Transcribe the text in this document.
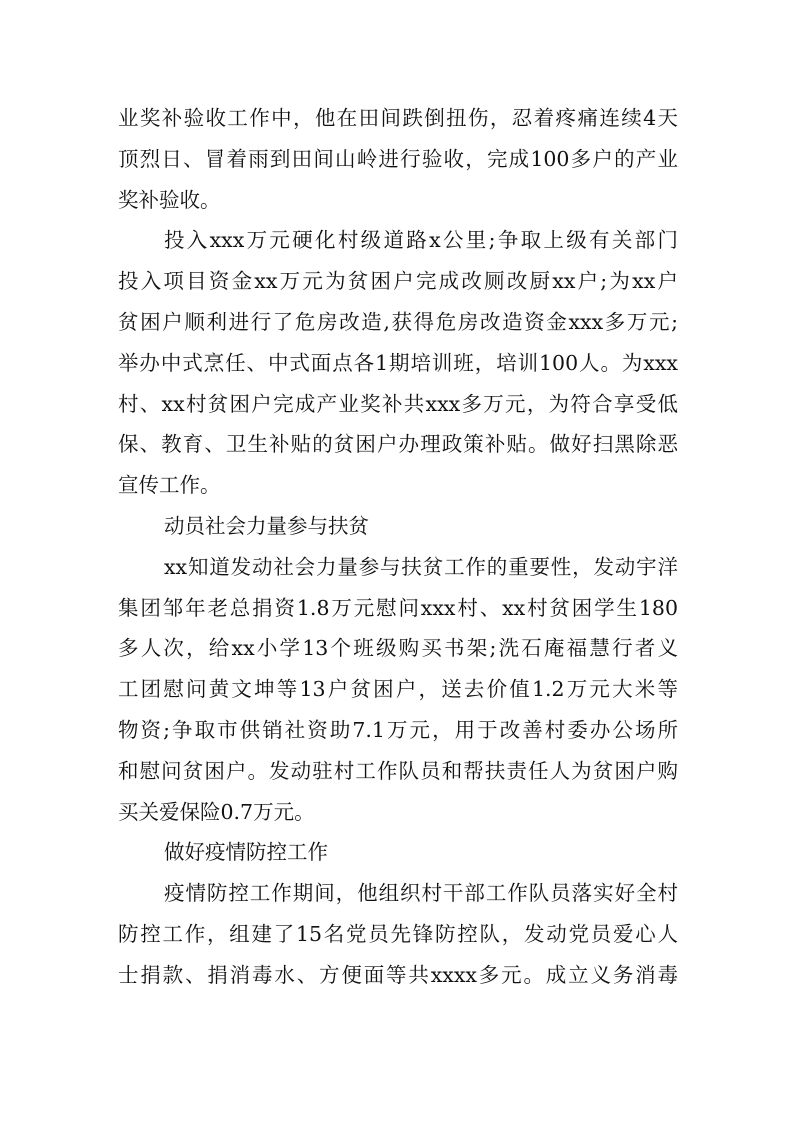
业奖补验收工作中，他在田间跌倒扭伤，忍着疼痛连续4天
顶烈日、冒着雨到田间山岭进行验收，完成100多户的产业
奖补验收。
投入xxx万元硬化村级道路x公里;争取上级有关部门
投入项目资金xx万元为贫困户完成改厕改厨xx户;为xx户
贫困户顺利进行了危房改造,获得危房改造资金xxx多万元;
举办中式烹任、中式面点各1期培训班，培训100人。为xxx
村、xx村贫困户完成产业奖补共xxx多万元，为符合享受低
保、教育、卫生补贴的贫困户办理政策补贴。做好扫黑除恶
宣传工作。
动员社会力量参与扶贫
xx知道发动社会力量参与扶贫工作的重要性，发动宇洋
集团邹年老总捐资1.8万元慰问xxx村、xx村贫困学生180
多人次，给xx小学13个班级购买书架;洗石庵福慧行者义
工团慰问黄文坤等13户贫困户，送去价值1.2万元大米等
物资;争取市供销社资助7.1万元，用于改善村委办公场所
和慰问贫困户。发动驻村工作队员和帮扶责任人为贫困户购
买关爱保险0.7万元。
做好疫情防控工作
疫情防控工作期间，他组织村干部工作队员落实好全村
防控工作，组建了15名党员先锋防控队，发动党员爱心人
士捐款、捐消毒水、方便面等共xxxx多元。成立义务消毒
